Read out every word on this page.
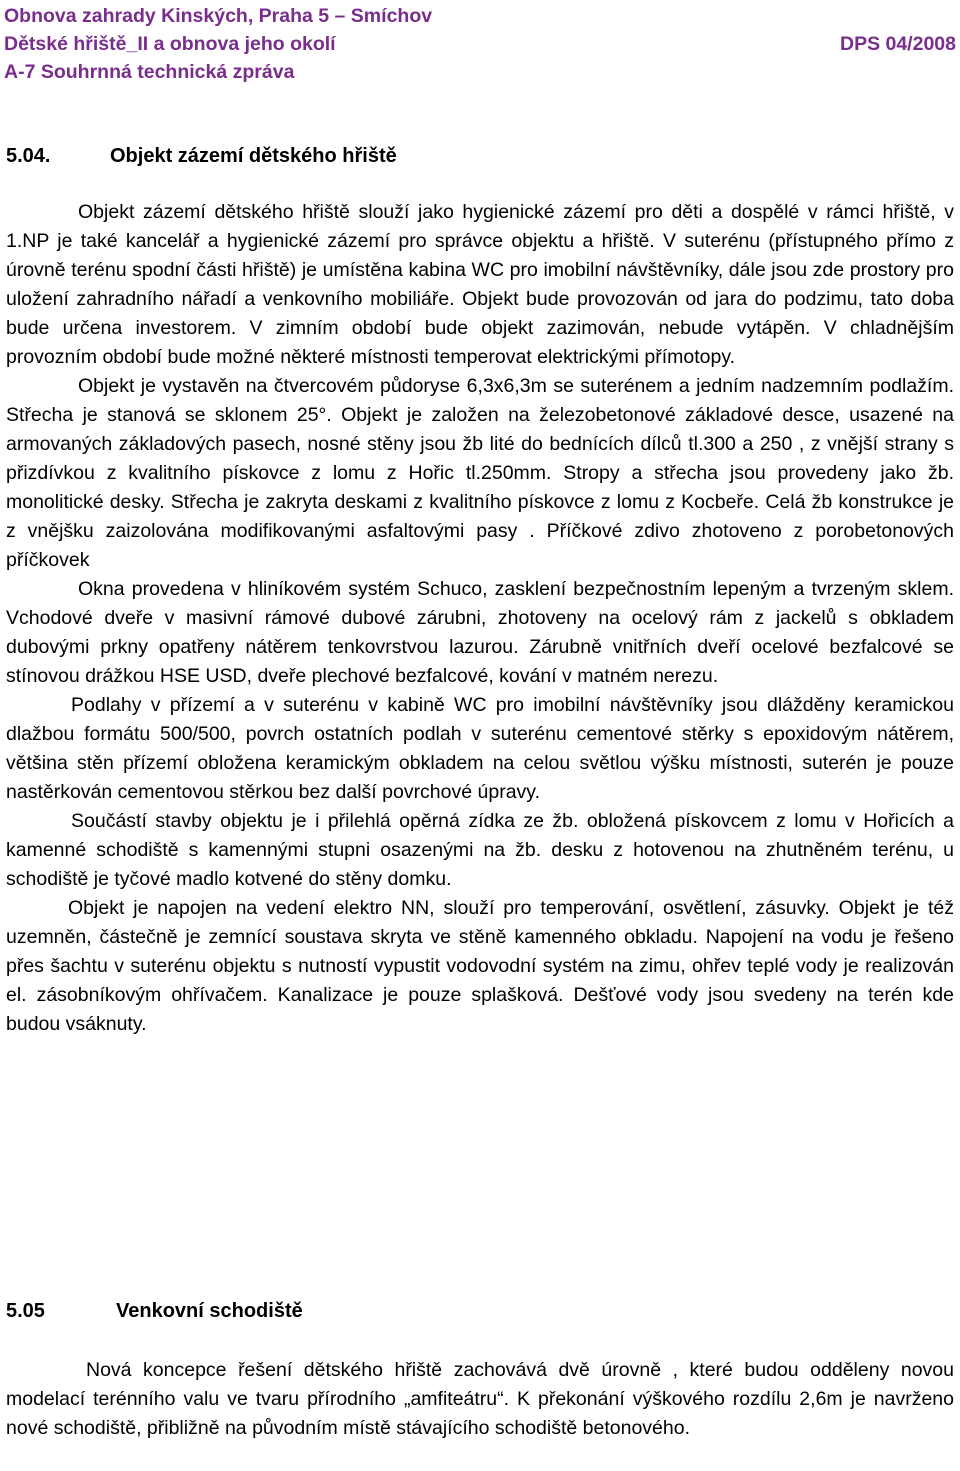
Obnova zahrady Kinských, Praha 5 – Smíchov
Dětské hřiště_II a obnova jeho okolí	DPS 04/2008
A-7 Souhrnná technická zpráva
5.04.	Objekt zázemí dětského hřiště

Objekt zázemí dětského hřiště slouží jako hygienické zázemí pro děti a dospělé v rámci hřiště, v 1.NP je také kancelář a hygienické zázemí pro správce objektu a hřiště. V suterénu (přístupného přímo z úrovně terénu spodní části hřiště) je umístěna kabina WC pro imobilní návštěvníky, dále jsou zde prostory pro uložení zahradního nářadí a venkovního mobiliáře. Objekt bude provozován od jara do podzimu, tato doba bude určena investorem. V zimním období bude objekt zazimován, nebude vytápěn. V chladnějším provozním období bude možné některé místnosti temperovat elektrickými přímotopy.

Objekt je vystavěn na čtvercovém půdoryse 6,3x6,3m se suterénem a jedním nadzemním podlažím. Střecha je stanová se sklonem 25°. Objekt je založen na železobetonové základové desce, usazené na armovaných základových pasech, nosné stěny jsou žb lité do bednících dílců tl.300 a 250 , z vnější strany s přizdívkou z kvalitního pískovce z lomu z Hořic tl.250mm. Stropy a střecha jsou provedeny jako žb. monolitické desky. Střecha je zakryta deskami z kvalitního pískovce z lomu z Kocbeře. Celá žb konstrukce je z vnějšku zaizolována modifikovanými asfaltovými pasy . Příčkové zdivo zhotoveno z porobetonových příčkovek

Okna provedena v hliníkovém systém Schuco, zasklení bezpečnostním lepeným a tvrzeným sklem. Vchodové dveře v masivní rámové dubové zárubni, zhotoveny na ocelový rám z jackelů s obkladem dubovými prkny opatřeny nátěrem tenkovrstvou lazurou. Zárubně vnitřních dveří ocelové bezfalcové se stínovou drážkou HSE USD, dveře plechové bezfalcové, kování v matném nerezu.

Podlahy v přízemí a v suterénu v kabině WC pro imobilní návštěvníky jsou dlážděny keramickou dlažbou formátu 500/500, povrch ostatních podlah v suterénu cementové stěrky s epoxidovým nátěrem, většina stěn přízemí obložena keramickým obkladem na celou světlou výšku místnosti, suterén je pouze nastěrkován cementovou stěrkou bez další povrchové úpravy.

Součástí stavby objektu je i přilehlá opěrná zídka ze žb. obložená pískovcem z lomu v Hořicích a kamenné schodiště s kamennými stupni osazenými na žb. desku z hotovenou na zhutněném terénu, u schodiště je tyčové madlo kotvené do stěny domku.

Objekt je napojen na vedení elektro NN, slouží pro temperování, osvětlení, zásuvky. Objekt je též uzemněn, částečně je zemnící soustava skryta ve stěně kamenného obkladu. Napojení na vodu je řešeno přes šachtu v suterénu objektu s nutností vypustit vodovodní systém na zimu, ohřev teplé vody je realizován el. zásobníkovým ohřívačem. Kanalizace je pouze splašková. Dešťové vody jsou svedeny na terén kde budou vsáknuty.

5.05	Venkovní schodiště

Nová koncepce řešení dětského hřiště zachovává dvě úrovně , které budou odděleny novou modelací terénního valu ve tvaru přírodního „amfiteátru“. K překonání výškového rozdílu 2,6m je navrženo nové schodiště, přibližně na původním místě stávajícího schodiště betonového.
